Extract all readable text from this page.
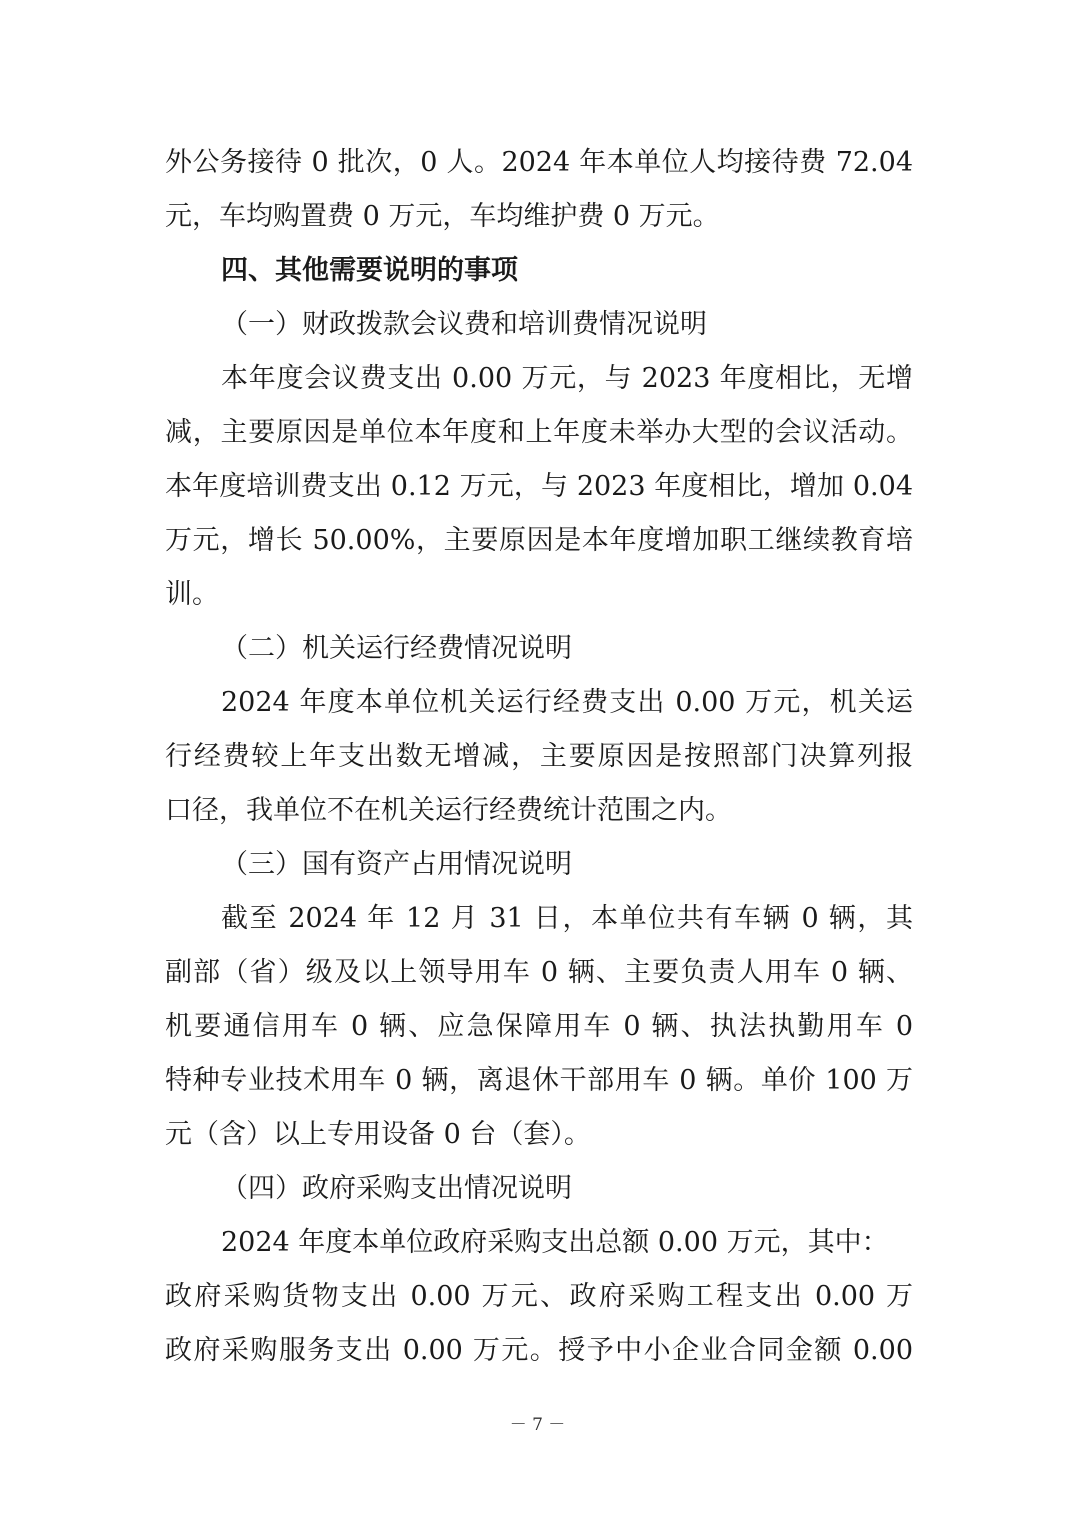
外公务接待 0 批次，0 人。2024 年本单位人均接待费 72.04
元，车均购置费 0 万元，车均维护费 0 万元。
四、其他需要说明的事项
（一）财政拨款会议费和培训费情况说明
本年度会议费支出 0.00 万元，与 2023 年度相比，无增
减，主要原因是单位本年度和上年度未举办大型的会议活动。
本年度培训费支出 0.12 万元，与 2023 年度相比，增加 0.04
万元，增长 50.00%，主要原因是本年度增加职工继续教育培
训。
（二）机关运行经费情况说明
2024 年度本单位机关运行经费支出 0.00 万元，机关运
行经费较上年支出数无增减，主要原因是按照部门决算列报
口径，我单位不在机关运行经费统计范围之内。
（三）国有资产占用情况说明
截至 2024 年 12 月 31 日，本单位共有车辆 0 辆，其
副部（省）级及以上领导用车 0 辆、主要负责人用车 0 辆、
机要通信用车 0 辆、应急保障用车 0 辆、执法执勤用车 0
特种专业技术用车 0 辆，离退休干部用车 0 辆。单价 100 万
元（含）以上专用设备 0 台（套）。
（四）政府采购支出情况说明
2024 年度本单位政府采购支出总额 0.00 万元，其中：
政府采购货物支出 0.00 万元、政府采购工程支出 0.00 万
政府采购服务支出 0.00 万元。授予中小企业合同金额 0.00
－ 7 －
